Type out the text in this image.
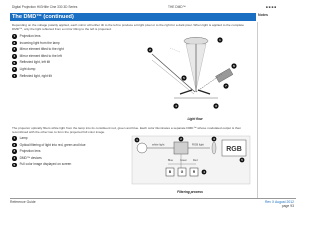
Digital Projection HIGHlite Cine 330 3D Series	THE DMD™	■ ■ ■ ■
The DMD™ (continued)	Notes
Depending on the voltage polarity applied, each mirror will either tilt to the left to produce a bright pixel or to the right for a dark pixel. When light is applied to the complete DMD™, only the light reflected from a mirror tilting to the left is projected.
1 Projection lens
2 Incoming light from the lamp
3 Mirror element tilted to the right
4 Mirror element tilted to the left
5 Reflected light, left tilt
6 Light dump
7 Reflected light, right tilt
1
2
6
7
5
4	3
Light flow
The projector optically filters white light from the lamp into its constituent red, green and blue. Each color illuminates a separate DMD™ whose modulated output is then recombined with the other two to form the projected full color image.
1 Lamp
2 Optical filtering of light into red, green and blue
3 Projection lens
4 DMD™ devices
5 Full color image displayed on screen
white light	RGB light
RGB
Blue	Green Red
B	G	R
1	2	3
4
5
Filtering process
Reference Guide	Rev X August 2012
page 93
